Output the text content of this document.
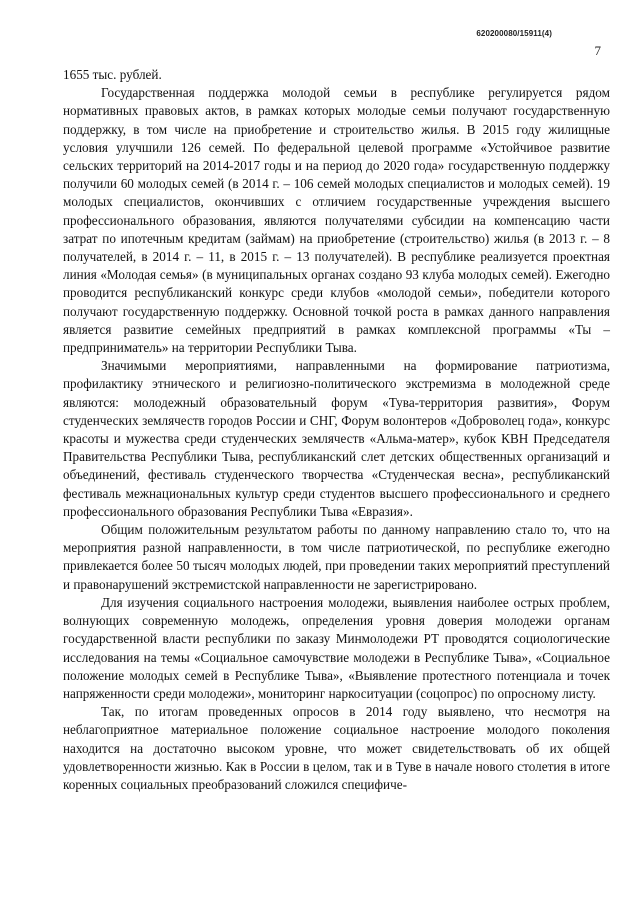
620200080/15911(4)
7

1655 тыс. рублей.

Государственная поддержка молодой семьи в республике регулируется рядом нормативных правовых актов, в рамках которых молодые семьи получают государственную поддержку, в том числе на приобретение и строительство жилья. В 2015 году жилищные условия улучшили 126 семей. По федеральной целевой программе «Устойчивое развитие сельских территорий на 2014-2017 годы и на период до 2020 года» государственную поддержку получили 60 молодых семей (в 2014 г. – 106 семей молодых специалистов и молодых семей). 19 молодых специалистов, окончивших с отличием государственные учреждения высшего профессионального образования, являются получателями субсидии на компенсацию части затрат по ипотечным кредитам (займам) на приобретение (строительство) жилья (в 2013 г. – 8 получателей, в 2014 г. – 11, в 2015 г. – 13 получателей). В республике реализуется проектная линия «Молодая семья» (в муниципальных органах создано 93 клуба молодых семей). Ежегодно проводится республиканский конкурс среди клубов «молодой семьи», победители которого получают государственную поддержку. Основной точкой роста в рамках данного направления является развитие семейных предприятий в рамках комплексной программы «Ты – предприниматель» на территории Республики Тыва.

Значимыми мероприятиями, направленными на формирование патриотизма, профилактику этнического и религиозно-политического экстремизма в молодежной среде являются: молодежный образовательный форум «Тува-территория развития», Форум студенческих землячеств городов России и СНГ, Форум волонтеров «Доброволец года», конкурс красоты и мужества среди студенческих землячеств «Альма-матер», кубок КВН Председателя Правительства Республики Тыва, республиканский слет детских общественных организаций и объединений, фестиваль студенческого творчества «Студенческая весна», республиканский фестиваль межнациональных культур среди студентов высшего профессионального и среднего профессионального образования Республики Тыва «Евразия».

Общим положительным результатом работы по данному направлению стало то, что на мероприятия разной направленности, в том числе патриотической, по республике ежегодно привлекается более 50 тысяч молодых людей, при проведении таких мероприятий преступлений и правонарушений экстремистской направленности не зарегистрировано.

Для изучения социального настроения молодежи, выявления наиболее острых проблем, волнующих современную молодежь, определения уровня доверия молодежи органам государственной власти республики по заказу Минмолодежи РТ проводятся социологические исследования на темы «Социальное самочувствие молодежи в Республике Тыва», «Социальное положение молодых семей в Республике Тыва», «Выявление протестного потенциала и точек напряженности среди молодежи», мониторинг наркоситуации (соцопрос) по опросному листу.

Так, по итогам проведенных опросов в 2014 году выявлено, что несмотря на неблагоприятное материальное положение социальное настроение молодого поколения находится на достаточно высоком уровне, что может свидетельствовать об их общей удовлетворенности жизнью. Как в России в целом, так и в Туве в начале нового столетия в итоге коренных социальных преобразований сложился специфиче-
